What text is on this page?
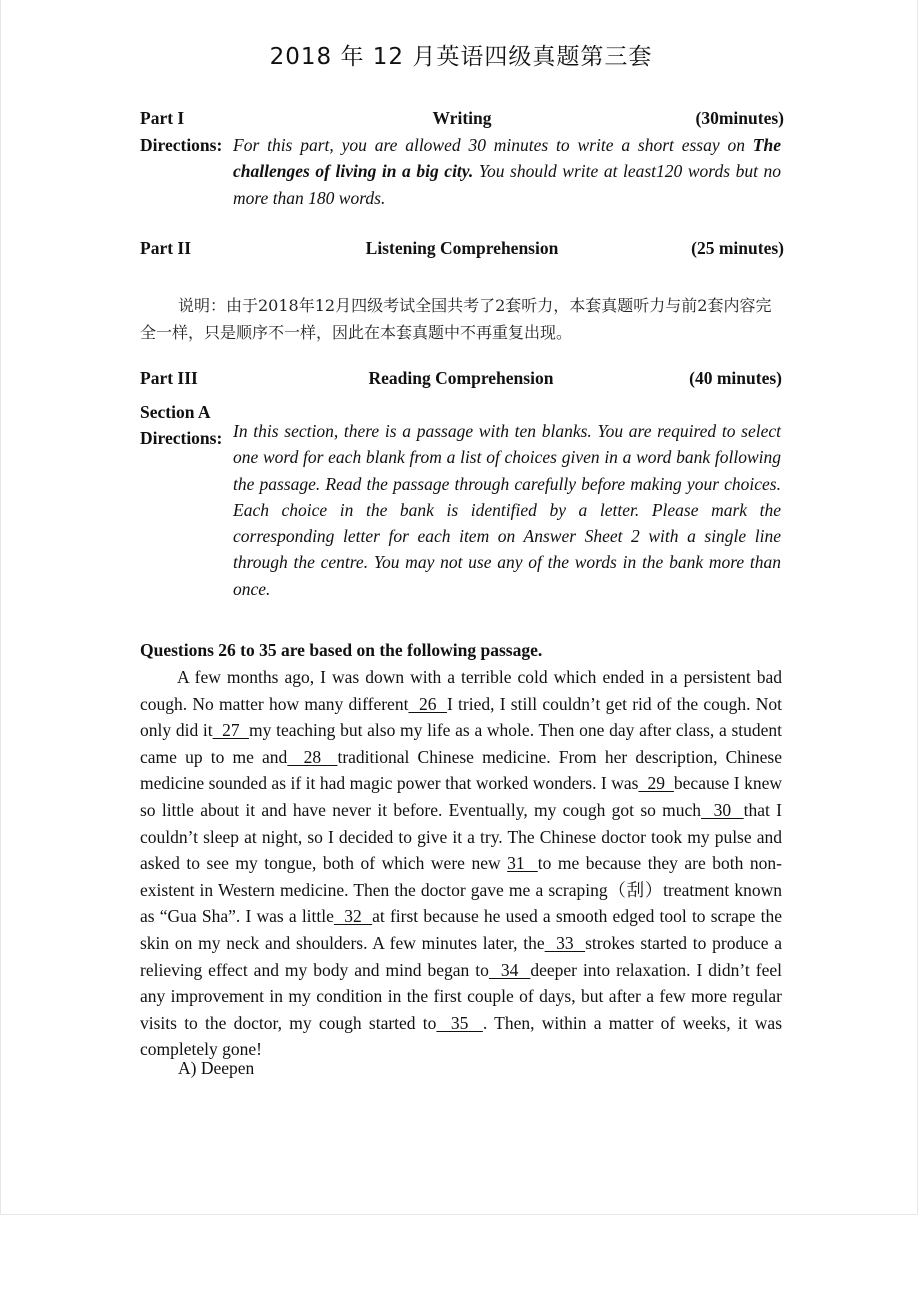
2018 年 12 月英语四级真题第三套
Part I	Writing	(30minutes)
Directions: For this part, you are allowed 30 minutes to write a short essay on The challenges of living in a big city. You should write at least120 words but no more than 180 words.
Part II	Listening Comprehension	(25 minutes)
说明：由于2018年12月四级考试全国共考了2套听力，本套真题听力与前2套内容完全一样，只是顺序不一样，因此在本套真题中不再重复出现。
Part III	Reading Comprehension	(40 minutes)
Section A
Directions: In this section, there is a passage with ten blanks. You are required to select one word for each blank from a list of choices given in a word bank following the passage. Read the passage through carefully before making your choices. Each choice in the bank is identified by a letter. Please mark the corresponding letter for each item on Answer Sheet 2 with a single line through the centre. You may not use any of the words in the bank more than once.
Questions 26 to 35 are based on the following passage.

A few months ago, I was down with a terrible cold which ended in a persistent bad cough. No matter how many different  26  I tried, I still couldn’t get rid of the cough. Not only did it  27  my teaching but also my life as a whole. Then one day after class, a student came up to me and  28  traditional Chinese medicine. From her description, Chinese medicine sounded as if it had magic power that worked wonders. I was  29  because I knew so little about it and have never it before. Eventually, my cough got so much  30  that I couldn’t sleep at night, so I decided to give it a try. The Chinese doctor took my pulse and asked to see my tongue, both of which were new 31  to me because they are both non-existent in Western medicine. Then the doctor gave me a scraping（刮）treatment known as “Gua Sha”. I was a little  32  at first because he used a smooth edged tool to scrape the skin on my neck and shoulders. A few minutes later, the  33  strokes started to produce a relieving effect and my body and mind began to  34  deeper into relaxation. I didn’t feel any improvement in my condition in the first couple of days, but after a few more regular visits to the doctor, my cough started to  35  . Then, within a matter of weeks, it was completely gone!

A) Deepen
